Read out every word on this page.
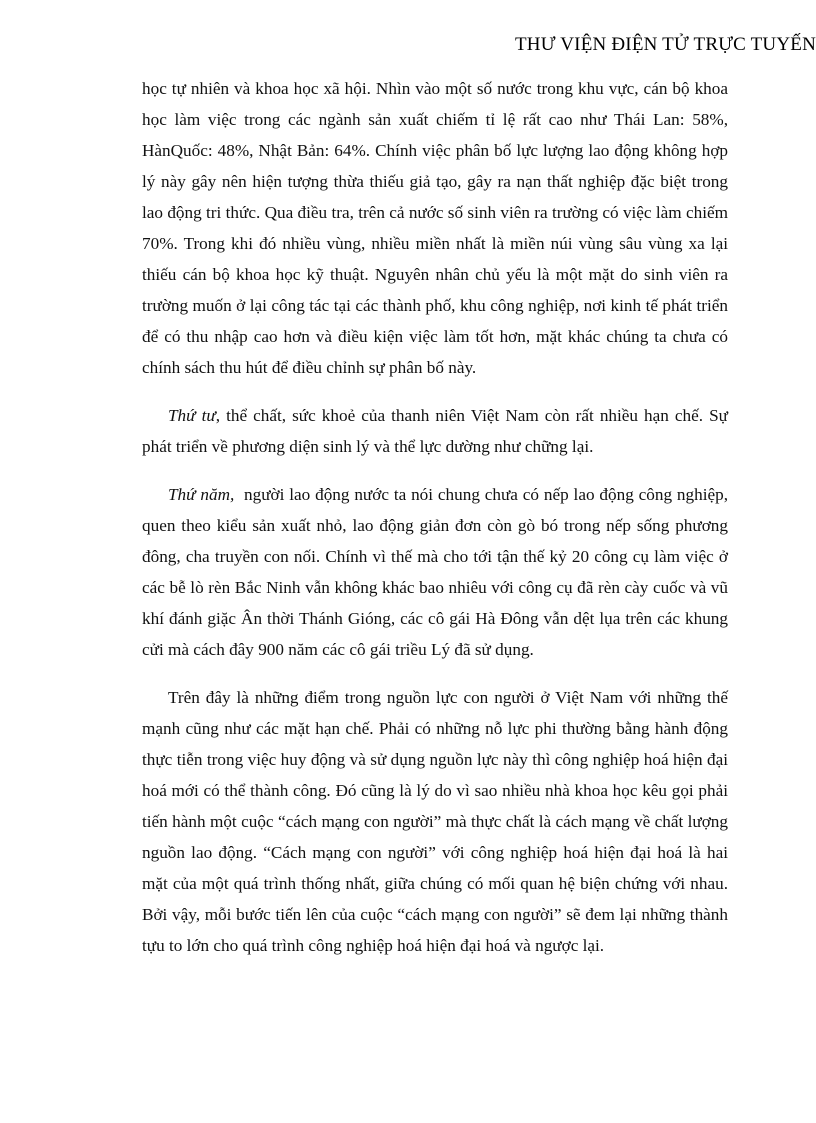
THƯ VIỆN ĐIỆN TỬ TRỰC TUYẾN

học tự nhiên và khoa học xã hội. Nhìn vào một số nước trong khu vực, cán bộ khoa học làm việc trong các ngành sản xuất chiếm tỉ lệ rất cao như Thái Lan: 58%, HànQuốc: 48%, Nhật Bản: 64%. Chính việc phân bố lực lượng lao động không hợp lý này gây nên hiện tượng thừa thiếu giả tạo, gây ra nạn thất nghiệp đặc biệt trong lao động tri thức. Qua điều tra, trên cả nước số sinh viên ra trường có việc làm chiếm 70%. Trong khi đó nhiều vùng, nhiều miền nhất là miền núi vùng sâu vùng xa lại thiếu cán bộ khoa học kỹ thuật. Nguyên nhân chủ yếu là một mặt do sinh viên ra trường muốn ở lại công tác tại các thành phố, khu công nghiệp, nơi kinh tế phát triển để có thu nhập cao hơn và điều kiện việc làm tốt hơn, mặt khác chúng ta chưa có chính sách thu hút để điều chỉnh sự phân bố này.

Thứ tư, thể chất, sức khoẻ của thanh niên Việt Nam còn rất nhiều hạn chế. Sự phát triển về phương diện sinh lý và thể lực dường như chững lại.

Thứ năm,  người lao động nước ta nói chung chưa có nếp lao động công nghiệp, quen theo kiểu sản xuất nhỏ, lao động giản đơn còn gò bó trong nếp sống phương đông, cha truyền con nối. Chính vì thế mà cho tới tận thế kỷ 20 công cụ làm việc ở các bễ lò rèn Bắc Ninh vẫn không khác bao nhiêu với công cụ đã rèn cày cuốc và vũ khí đánh giặc Ân thời Thánh Gióng, các cô gái Hà Đông vẫn dệt lụa trên các khung cửi mà cách đây 900 năm các cô gái triều Lý đã sử dụng.

Trên đây là những điểm trong nguồn lực con người ở Việt Nam với những thế mạnh cũng như các mặt hạn chế. Phải có những nỗ lực phi thường bằng hành động thực tiễn trong việc huy động và sử dụng nguồn lực này thì công nghiệp hoá hiện đại hoá mới có thể thành công. Đó cũng là lý do vì sao nhiều nhà khoa học kêu gọi phải tiến hành một cuộc “cách mạng con người” mà thực chất là cách mạng về chất lượng nguồn lao động. “Cách mạng con người” với công nghiệp hoá hiện đại hoá là hai mặt của một quá trình thống nhất, giữa chúng có mối quan hệ biện chứng với nhau. Bởi vậy, mỗi bước tiến lên của cuộc “cách mạng con người” sẽ đem lại những thành tựu to lớn cho quá trình công nghiệp hoá hiện đại hoá và ngược lại.
